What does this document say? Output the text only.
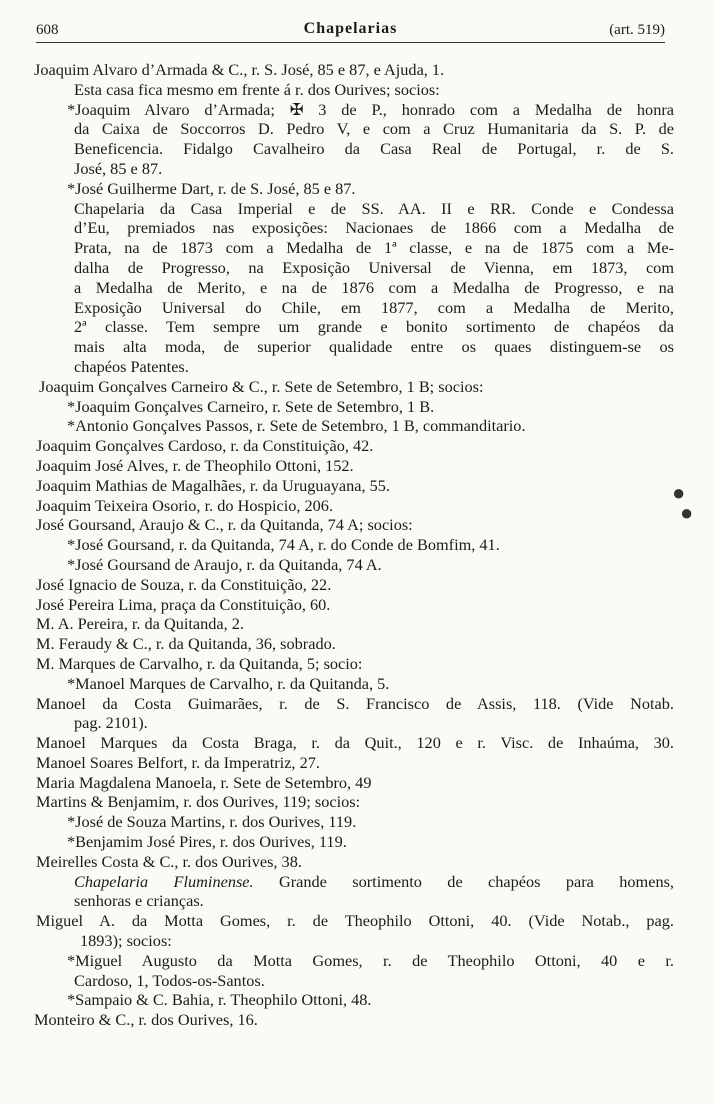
608	Chapelarias	(art. 519)
Joaquim Alvaro d’Armada & C., r. S. José, 85 e 87, e Ajuda, 1.
Esta casa fica mesmo em frente á r. dos Ourives; socios:
*Joaquim Alvaro d’Armada; ✠ 3 de P., honrado com a Medalha de honra
da Caixa de Soccorros D. Pedro V, e com a Cruz Humanitaria da S. P. de
Beneficencia. Fidalgo Cavalheiro da Casa Real de Portugal, r. de S.
José, 85 e 87.
*José Guilherme Dart, r. de S. José, 85 e 87.
Chapelaria da Casa Imperial e de SS. AA. II e RR. Conde e Condessa
d’Eu, premiados nas exposições: Nacionaes de 1866 com a Medalha de
Prata, na de 1873 com a Medalha de 1ª classe, e na de 1875 com a Me-
dalha de Progresso, na Exposição Universal de Vienna, em 1873, com
a Medalha de Merito, e na de 1876 com a Medalha de Progresso, e na
Exposição Universal do Chile, em 1877, com a Medalha de Merito,
2ª classe. Tem sempre um grande e bonito sortimento de chapéos da
mais alta moda, de superior qualidade entre os quaes distinguem-se os
chapéos Patentes.
Joaquim Gonçalves Carneiro & C., r. Sete de Setembro, 1 B; socios:
*Joaquim Gonçalves Carneiro, r. Sete de Setembro, 1 B.
*Antonio Gonçalves Passos, r. Sete de Setembro, 1 B, commanditario.
Joaquim Gonçalves Cardoso, r. da Constituição, 42.
Joaquim José Alves, r. de Theophilo Ottoni, 152.
Joaquim Mathias de Magalhães, r. da Uruguayana, 55.
Joaquim Teixeira Osorio, r. do Hospicio, 206.
José Goursand, Araujo & C., r. da Quitanda, 74 A; socios:
*José Goursand, r. da Quitanda, 74 A, r. do Conde de Bomfim, 41.
*José Goursand de Araujo, r. da Quitanda, 74 A.
José Ignacio de Souza, r. da Constituição, 22.
José Pereira Lima, praça da Constituição, 60.
M. A. Pereira, r. da Quitanda, 2.
M. Feraudy & C., r. da Quitanda, 36, sobrado.
M. Marques de Carvalho, r. da Quitanda, 5; socio:
*Manoel Marques de Carvalho, r. da Quitanda, 5.
Manoel da Costa Guimarães, r. de S. Francisco de Assis, 118. (Vide Notab.
pag. 2101).
Manoel Marques da Costa Braga, r. da Quit., 120 e r. Visc. de Inhaúma, 30.
Manoel Soares Belfort, r. da Imperatriz, 27.
Maria Magdalena Manoela, r. Sete de Setembro, 49
Martins & Benjamim, r. dos Ourives, 119; socios:
*José de Souza Martins, r. dos Ourives, 119.
*Benjamim José Pires, r. dos Ourives, 119.
Meirelles Costa & C., r. dos Ourives, 38.
Chapelaria Fluminense. Grande sortimento de chapéos para homens,
senhoras e crianças.
Miguel A. da Motta Gomes, r. de Theophilo Ottoni, 40. (Vide Notab., pag.
1893); socios:
*Miguel Augusto da Motta Gomes, r. de Theophilo Ottoni, 40 e r.
Cardoso, 1, Todos-os-Santos.
*Sampaio & C. Bahia, r. Theophilo Ottoni, 48.
Monteiro & C., r. dos Ourives, 16.
●
●
